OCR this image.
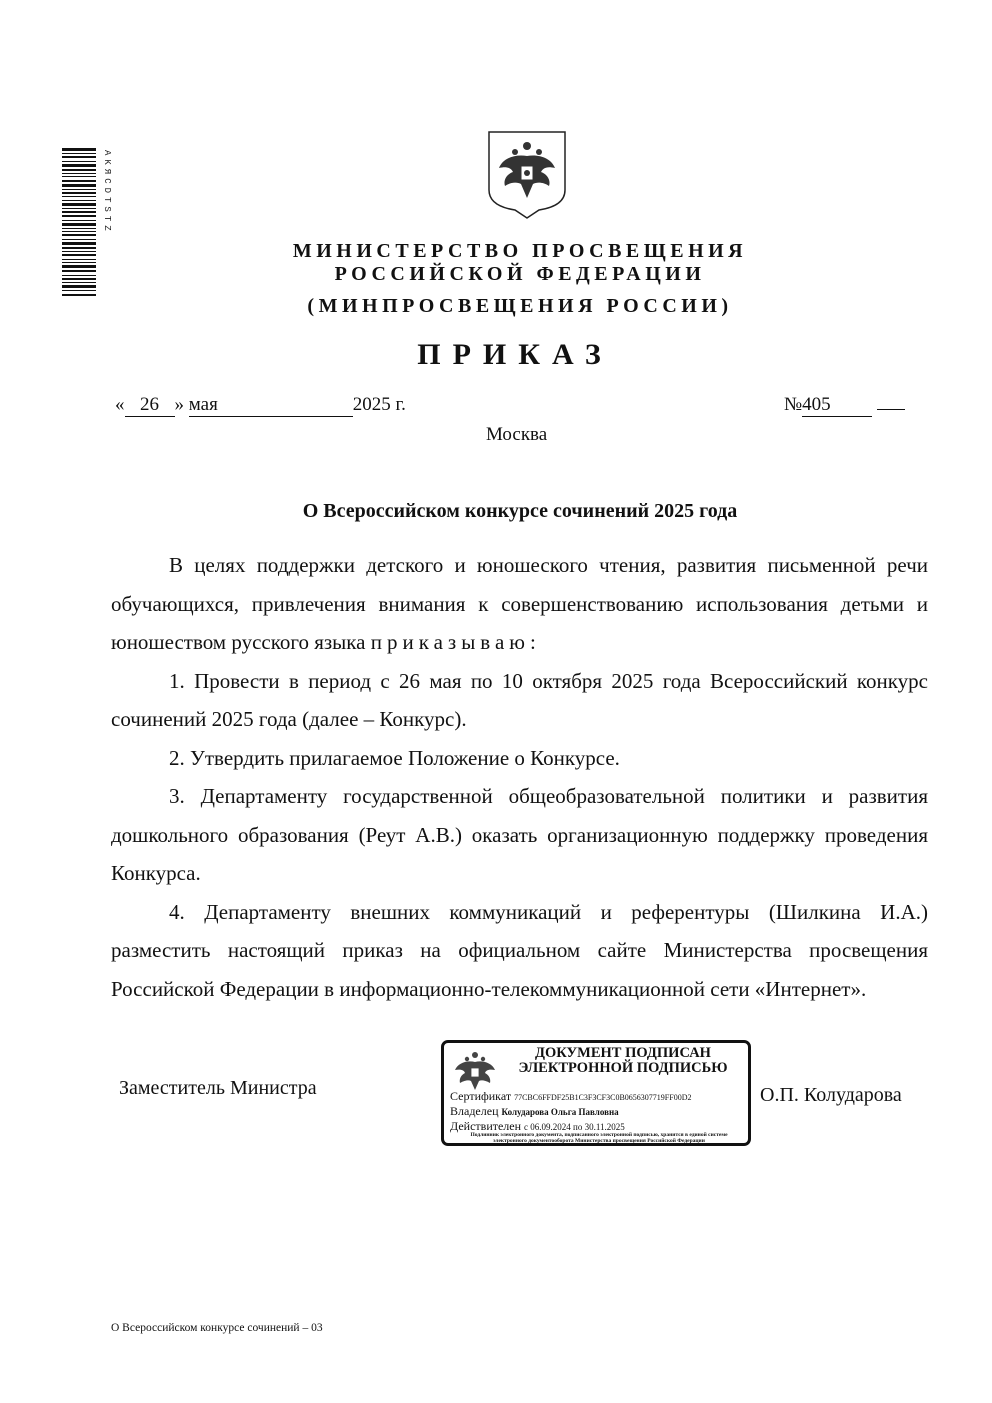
AKЯCDTSTZ
МИНИСТЕРСТВО ПРОСВЕЩЕНИЯ
РОССИЙСКОЙ ФЕДЕРАЦИИ
(МИНПРОСВЕЩЕНИЯ РОССИИ)
ПРИКАЗ
« 26 » мая	2025 г.	№405
Москва
О Всероссийском конкурсе сочинений 2025 года

В целях поддержки детского и юношеского чтения, развития письменной речи обучающихся, привлечения внимания к совершенствованию использования детьми и юношеством русского языка приказываю:

1. Провести в период с 26 мая по 10 октября 2025 года Всероссийский конкурс сочинений 2025 года (далее – Конкурс).

2. Утвердить прилагаемое Положение о Конкурсе.

3. Департаменту государственной общеобразовательной политики и развития дошкольного образования (Реут А.В.) оказать организационную поддержку проведения Конкурса.

4. Департаменту внешних коммуникаций и референтуры (Шилкина И.А.) разместить настоящий приказ на официальном сайте Министерства просвещения Российской Федерации в информационно-телекоммуникационной сети «Интернет».

Заместитель Министра
ДОКУМЕНТ ПОДПИСАН
ЭЛЕКТРОННОЙ ПОДПИСЬЮ
Сертификат 77CBC6FFDF25B1C3F3CF3C0B0656307719FF00D2
Владелец Колударова Ольга Павловна
Действителен с 06.09.2024 по 30.11.2025
Подлинник электронного документа, подписанного электронной подписью, хранится в единой системе электронного документооборота Министерства просвещения Российской Федерации
О.П. Колударова
О Всероссийском конкурсе сочинений – 03
